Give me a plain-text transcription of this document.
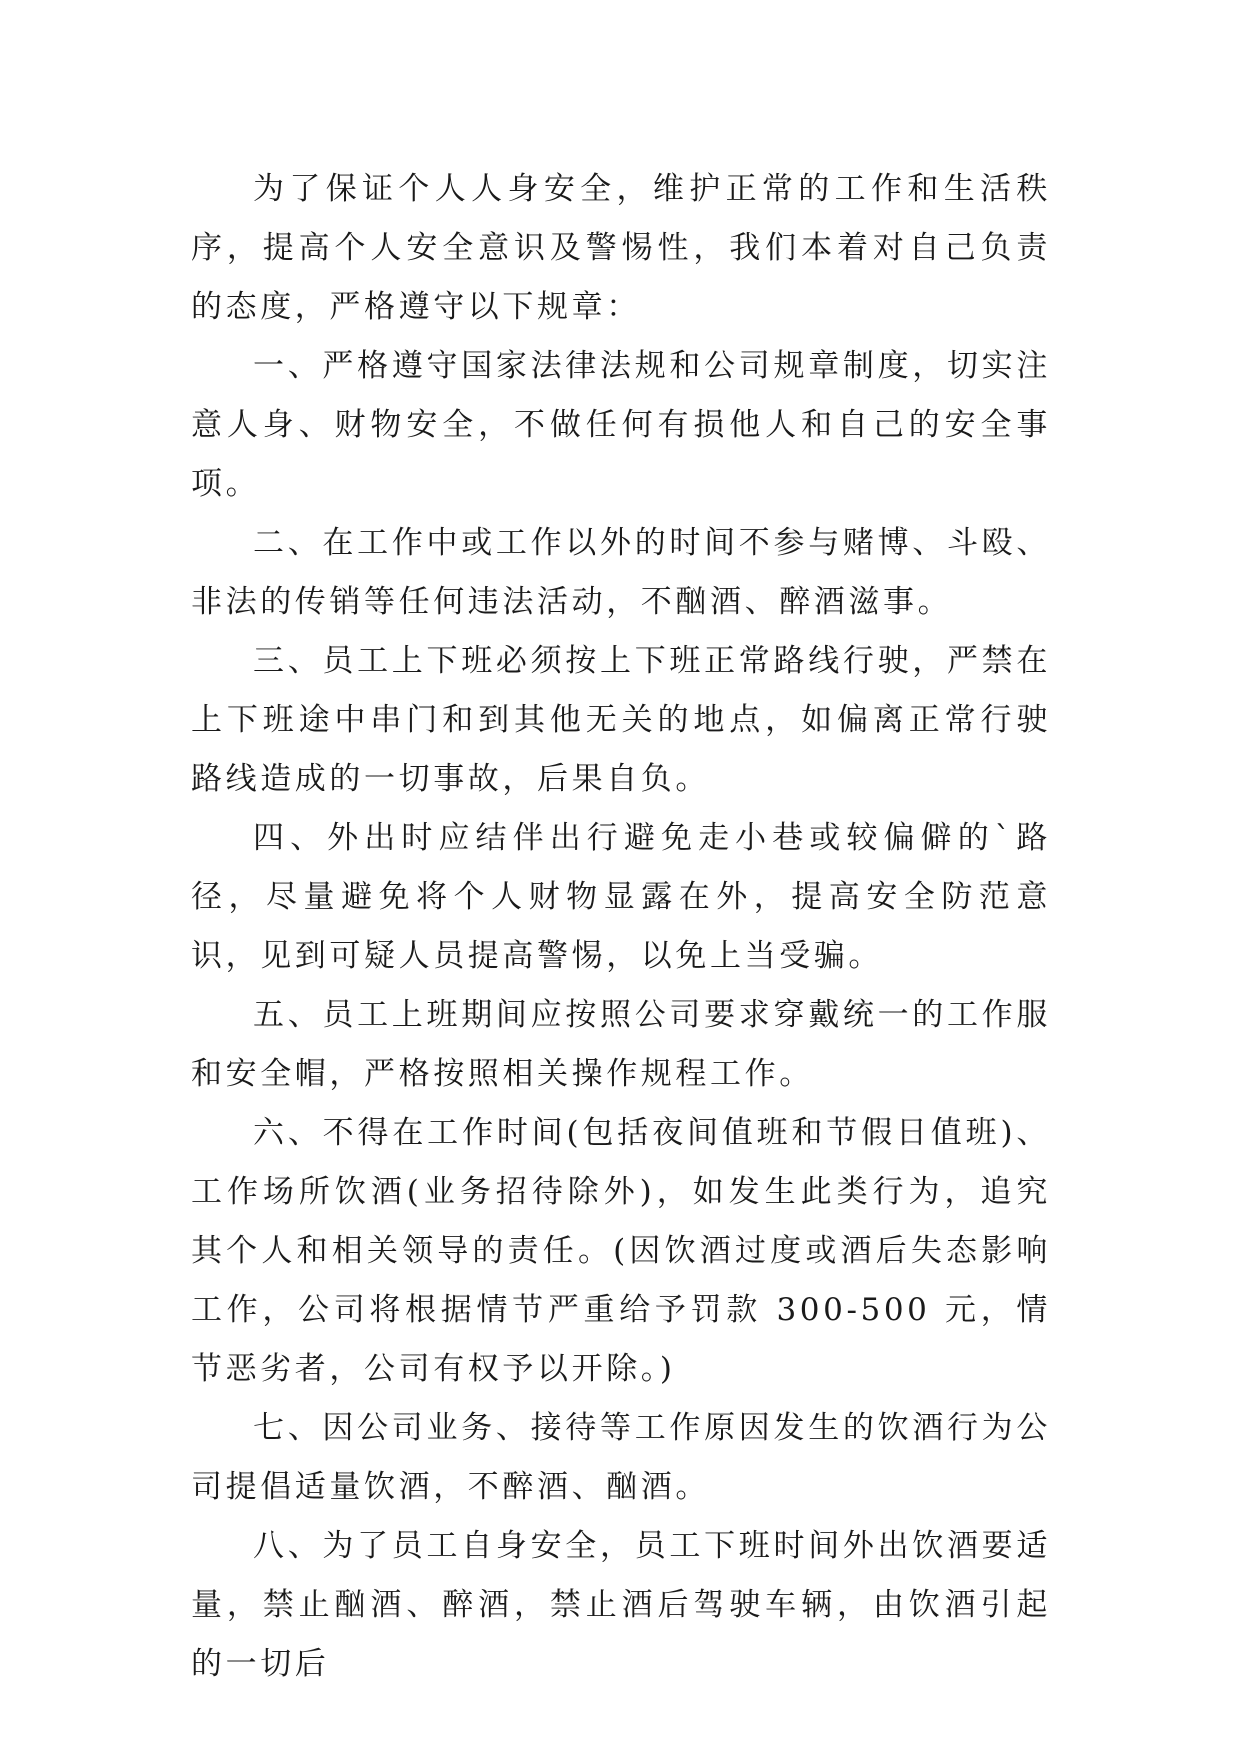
为了保证个人人身安全，维护正常的工作和生活秩序，提高个人安全意识及警惕性，我们本着对自己负责的态度，严格遵守以下规章：

一、严格遵守国家法律法规和公司规章制度，切实注意人身、财物安全，不做任何有损他人和自己的安全事项。

二、在工作中或工作以外的时间不参与赌博、斗殴、非法的传销等任何违法活动，不酗酒、醉酒滋事。

三、员工上下班必须按上下班正常路线行驶，严禁在上下班途中串门和到其他无关的地点，如偏离正常行驶路线造成的一切事故，后果自负。

四、外出时应结伴出行避免走小巷或较偏僻的`路径，尽量避免将个人财物显露在外，提高安全防范意识，见到可疑人员提高警惕，以免上当受骗。

五、员工上班期间应按照公司要求穿戴统一的工作服和安全帽，严格按照相关操作规程工作。

六、不得在工作时间(包括夜间值班和节假日值班)、工作场所饮酒(业务招待除外)，如发生此类行为，追究其个人和相关领导的责任。(因饮酒过度或酒后失态影响工作，公司将根据情节严重给予罚款 300-500 元，情节恶劣者，公司有权予以开除。)

七、因公司业务、接待等工作原因发生的饮酒行为公司提倡适量饮酒，不醉酒、酗酒。

八、为了员工自身安全，员工下班时间外出饮酒要适量，禁止酗酒、醉酒，禁止酒后驾驶车辆，由饮酒引起的一切后
